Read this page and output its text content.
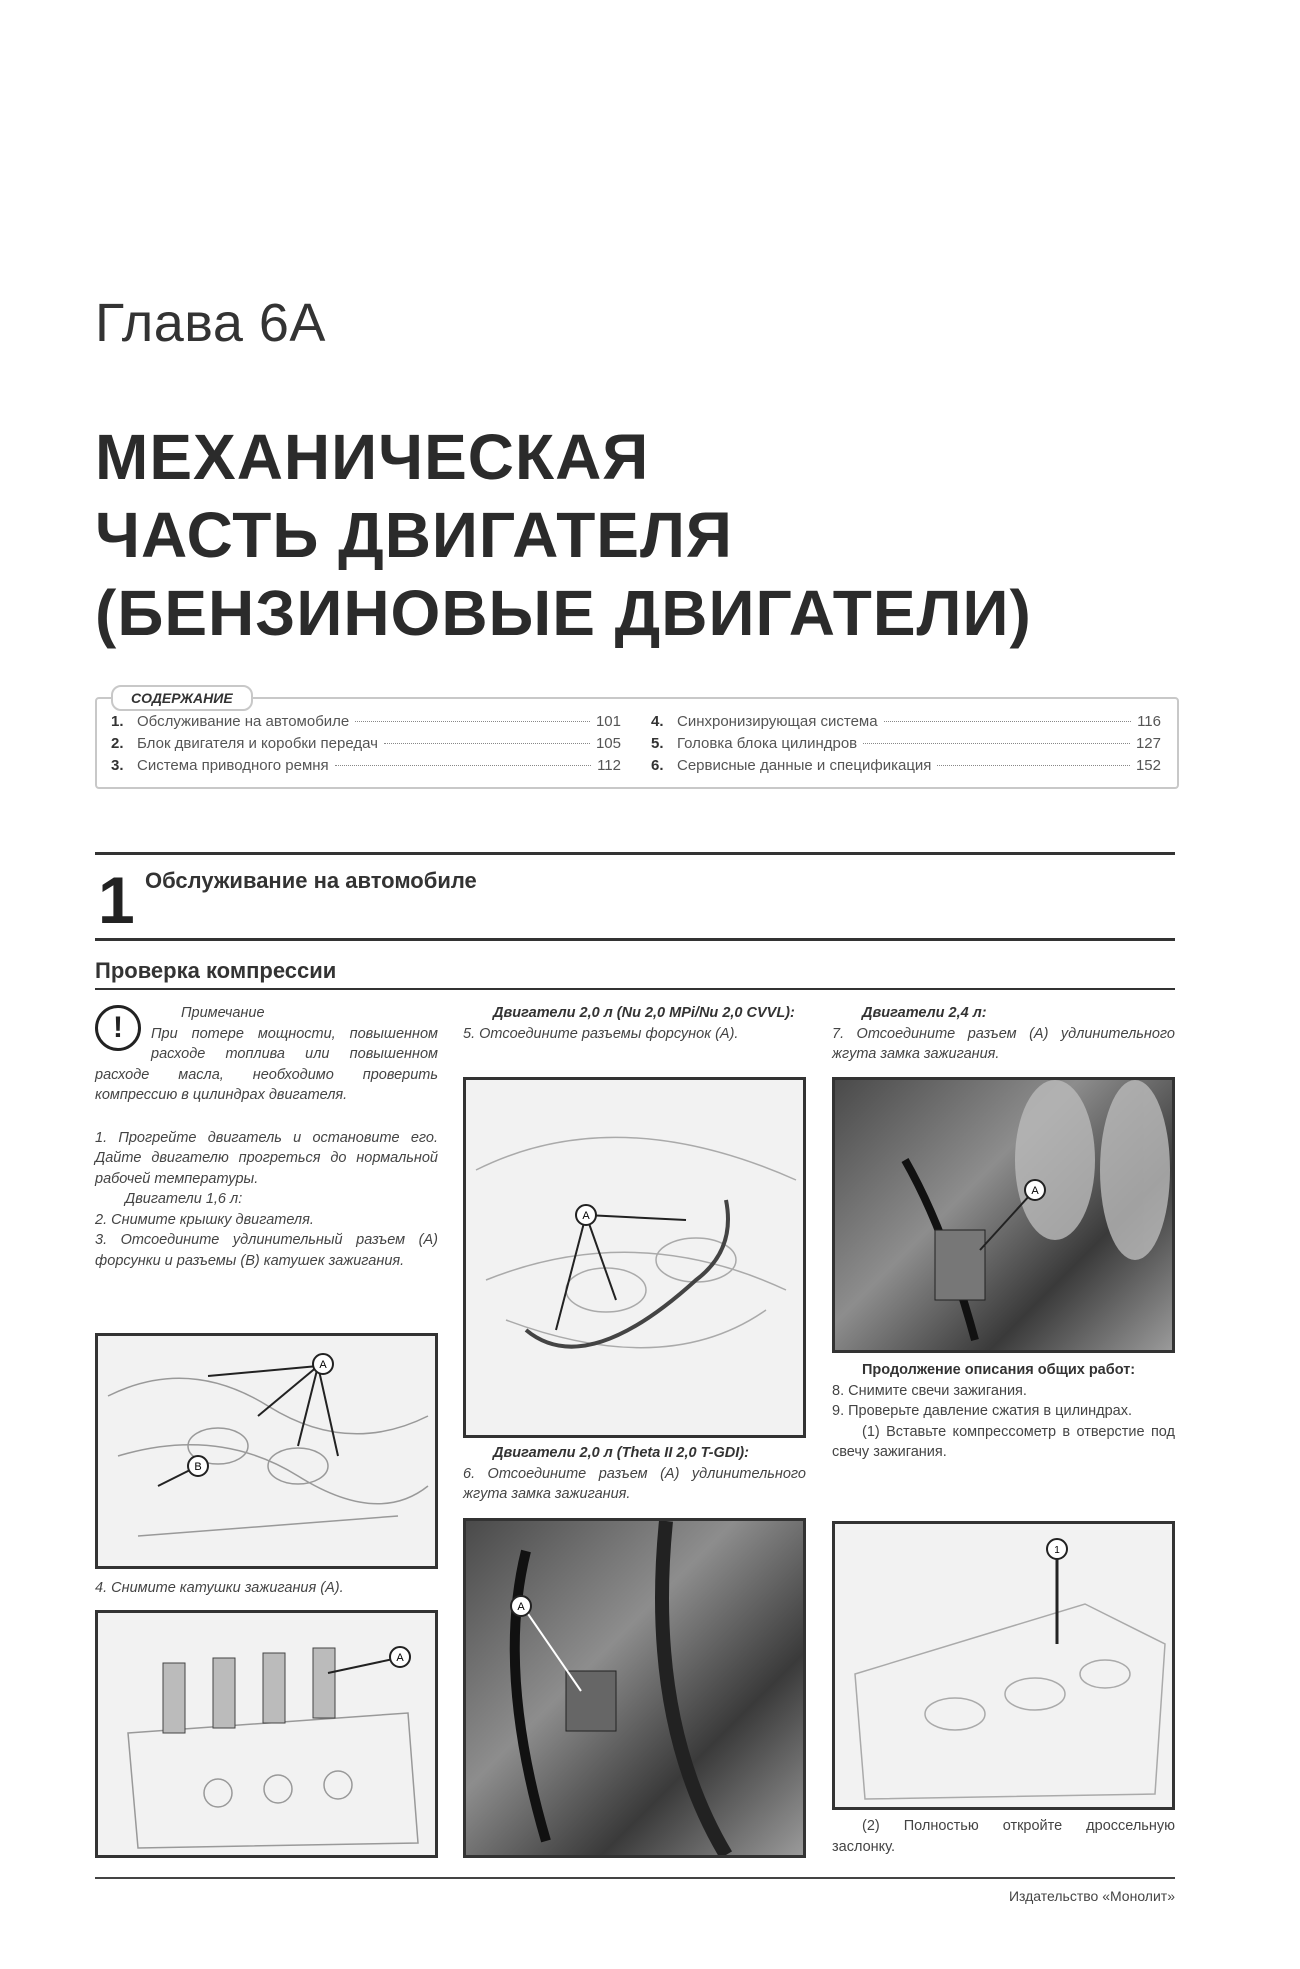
Глава 6А
МЕХАНИЧЕСКАЯ
ЧАСТЬ ДВИГАТЕЛЯ
(БЕНЗИНОВЫЕ ДВИГАТЕЛИ)
СОДЕРЖАНИЕ
1. Обслуживание на автомобиле	101
2. Блок двигателя и коробки передач	105
3. Система приводного ремня	112
4. Синхронизирующая система	116
5. Головка блока цилиндров	127
6. Сервисные данные и спецификация	152
1 Обслуживание на автомобиле
Проверка компрессии
!	Примечание

При потере мощности, повышенном расходе топлива или повышенном расходе масла, необходимо проверить компрессию в цилиндрах двигателя.

1. Прогрейте двигатель и остановите его. Дайте двигателю прогреться до нормальной рабочей температуры.

Двигатели 1,6 л:

2. Снимите крышку двигателя.

3. Отсоедините удлинительный разъем (А) форсунки и разъемы (B) катушек зажигания.

A
B
4. Снимите катушки зажигания (А).
A

Двигатели 2,0 л (Nu 2,0 MPi/Nu 2,0 CVVL):

5. Отсоедините разъемы форсунок (А).

A

Двигатели 2,0 л (Theta II 2,0 T-GDI):

6. Отсоедините разъем (А) удлинительного жгута замка зажигания.

A

Двигатели 2,4 л:

7. Отсоедините разъем (А) удлинительного жгута замка зажигания.

A

Продолжение описания общих работ:

8. Снимите свечи зажигания.

9. Проверьте давление сжатия в цилиндрах.

(1) Вставьте компрессометр в отверстие под свечу зажигания.

1

(2) Полностью откройте дроссельную заслонку.

Издательство «Монолит»
